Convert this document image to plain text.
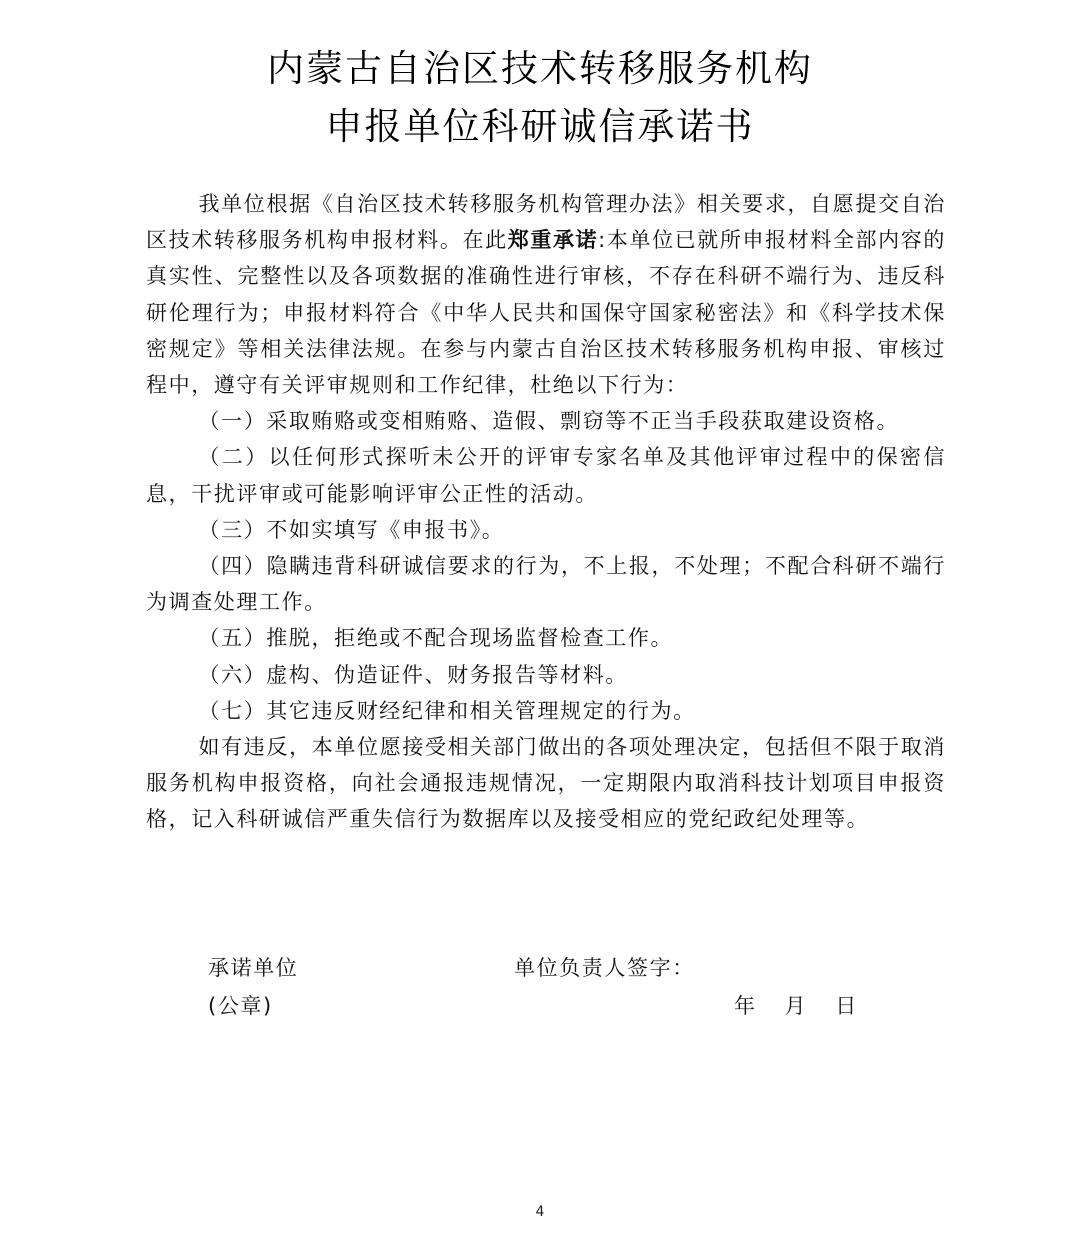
内蒙古自治区技术转移服务机构
申报单位科研诚信承诺书

我单位根据《自治区技术转移服务机构管理办法》相关要求，自愿提交自治区技术转移服务机构申报材料。在此郑重承诺:本单位已就所申报材料全部内容的真实性、完整性以及各项数据的准确性进行审核，不存在科研不端行为、违反科研伦理行为；申报材料符合《中华人民共和国保守国家秘密法》和《科学技术保密规定》等相关法律法规。在参与内蒙古自治区技术转移服务机构申报、审核过程中，遵守有关评审规则和工作纪律，杜绝以下行为：

（一）采取贿赂或变相贿赂、造假、剽窃等不正当手段获取建设资格。

（二）以任何形式探听未公开的评审专家名单及其他评审过程中的保密信息，干扰评审或可能影响评审公正性的活动。

（三）不如实填写《申报书》。

（四）隐瞒违背科研诚信要求的行为，不上报，不处理；不配合科研不端行为调查处理工作。

（五）推脱，拒绝或不配合现场监督检查工作。

（六）虚构、伪造证件、财务报告等材料。

（七）其它违反财经纪律和相关管理规定的行为。

如有违反，本单位愿接受相关部门做出的各项处理决定，包括但不限于取消服务机构申报资格，向社会通报违规情况，一定期限内取消科技计划项目申报资格，记入科研诚信严重失信行为数据库以及接受相应的党纪政纪处理等。

承诺单位
(公章)
单位负责人签字：
年 月 日
4
